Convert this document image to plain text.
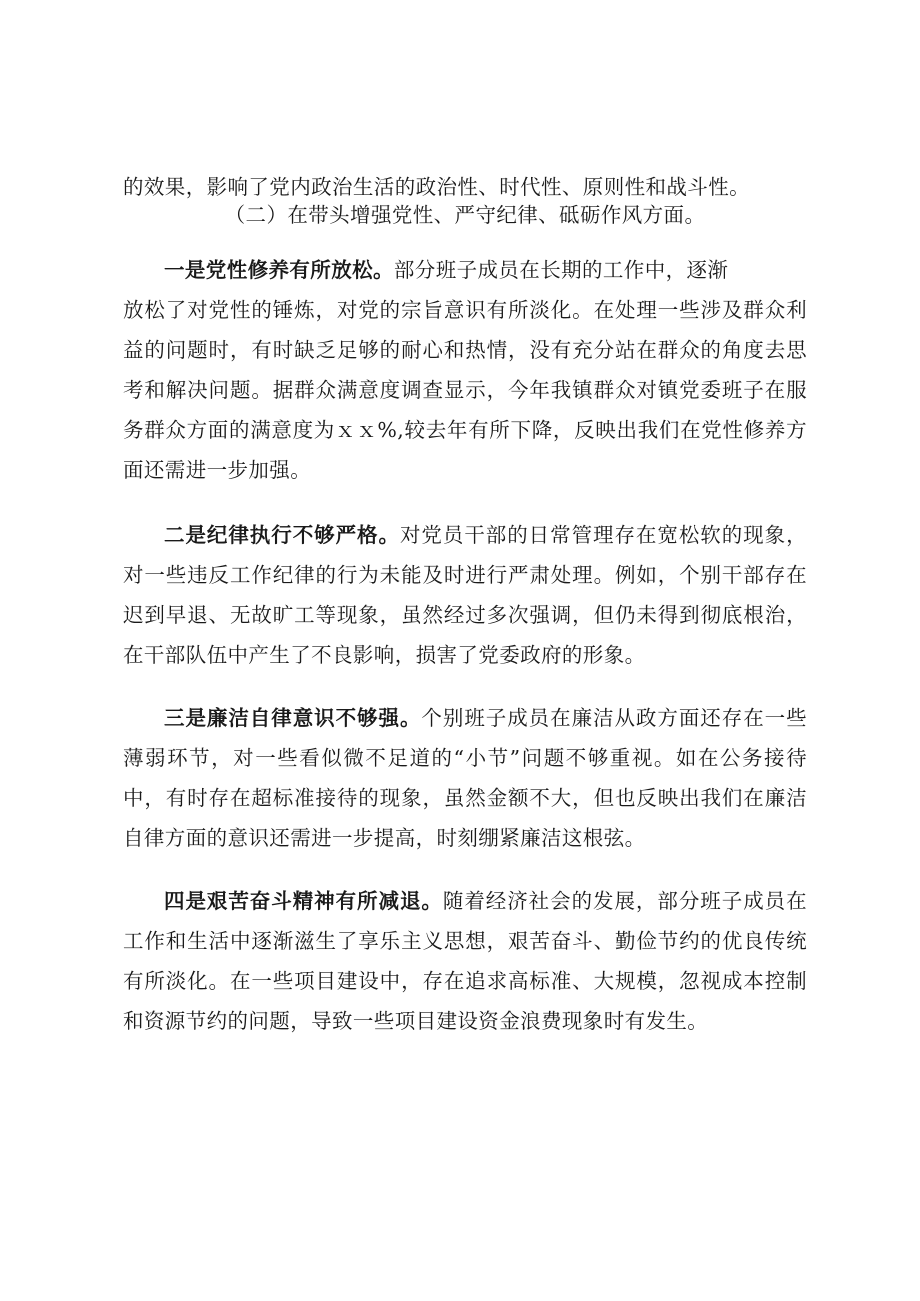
的效果，影响了党内政治生活的政治性、时代性、原则性和战斗性。
（二）在带头增强党性、严守纪律、砥砺作风方面。
一是党性修养有所放松。部分班子成员在长期的工作中，逐渐
放松了对党性的锤炼，对党的宗旨意识有所淡化。在处理一些涉及群众利益的问题时，有时缺乏足够的耐心和热情，没有充分站在群众的角度去思考和解决问题。据群众满意度调查显示，今年我镇群众对镇党委班子在服务群众方面的满意度为ｘｘ%,较去年有所下降，反映出我们在党性修养方面还需进一步加强。
二是纪律执行不够严格。对党员干部的日常管理存在宽松软的现象，对一些违反工作纪律的行为未能及时进行严肃处理。例如，个别干部存在迟到早退、无故旷工等现象，虽然经过多次强调，但仍未得到彻底根治，在干部队伍中产生了不良影响，损害了党委政府的形象。
三是廉洁自律意识不够强。个别班子成员在廉洁从政方面还存在一些薄弱环节，对一些看似微不足道的“小节”问题不够重视。如在公务接待中，有时存在超标准接待的现象，虽然金额不大，但也反映出我们在廉洁自律方面的意识还需进一步提高，时刻绷紧廉洁这根弦。
四是艰苦奋斗精神有所减退。随着经济社会的发展，部分班子成员在工作和生活中逐渐滋生了享乐主义思想，艰苦奋斗、勤俭节约的优良传统有所淡化。在一些项目建设中，存在追求高标准、大规模，忽视成本控制和资源节约的问题，导致一些项目建设资金浪费现象时有发生。
